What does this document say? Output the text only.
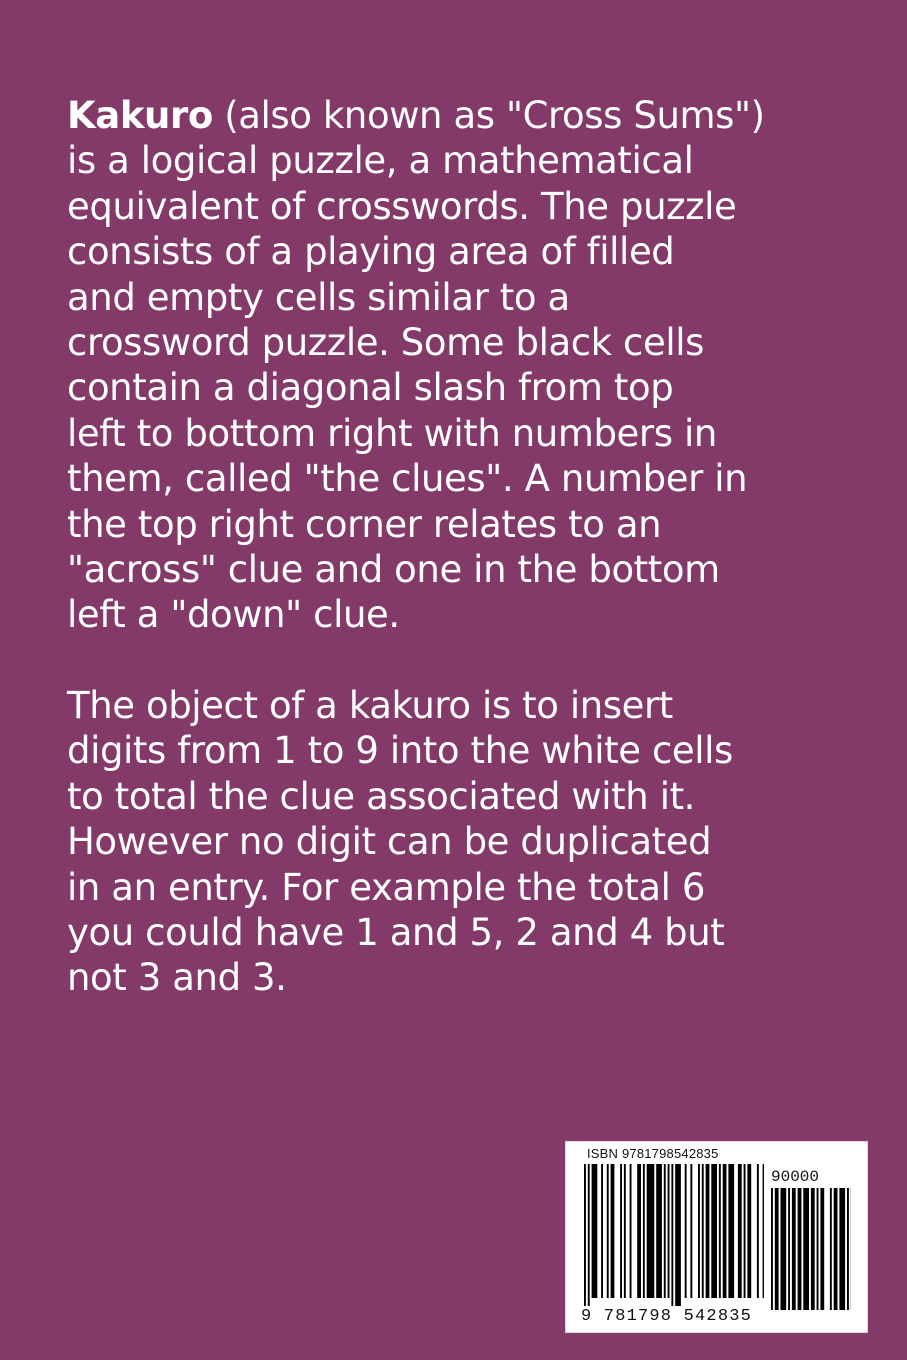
Kakuro (also known as "Cross Sums")
is a logical puzzle, a mathematical
equivalent of crosswords. The puzzle
consists of a playing area of filled
and empty cells similar to a
crossword puzzle. Some black cells
contain a diagonal slash from top
left to bottom right with numbers in
them, called "the clues". A number in
the top right corner relates to an
"across" clue and one in the bottom
left a "down" clue.
The object of a kakuro is to insert
digits from 1 to 9 into the white cells
to total the clue associated with it.
However no digit can be duplicated
in an entry. For example the total 6
you could have 1 and 5, 2 and 4 but
not 3 and 3.
ISBN 9781798542835
90000
9 781798 542835
